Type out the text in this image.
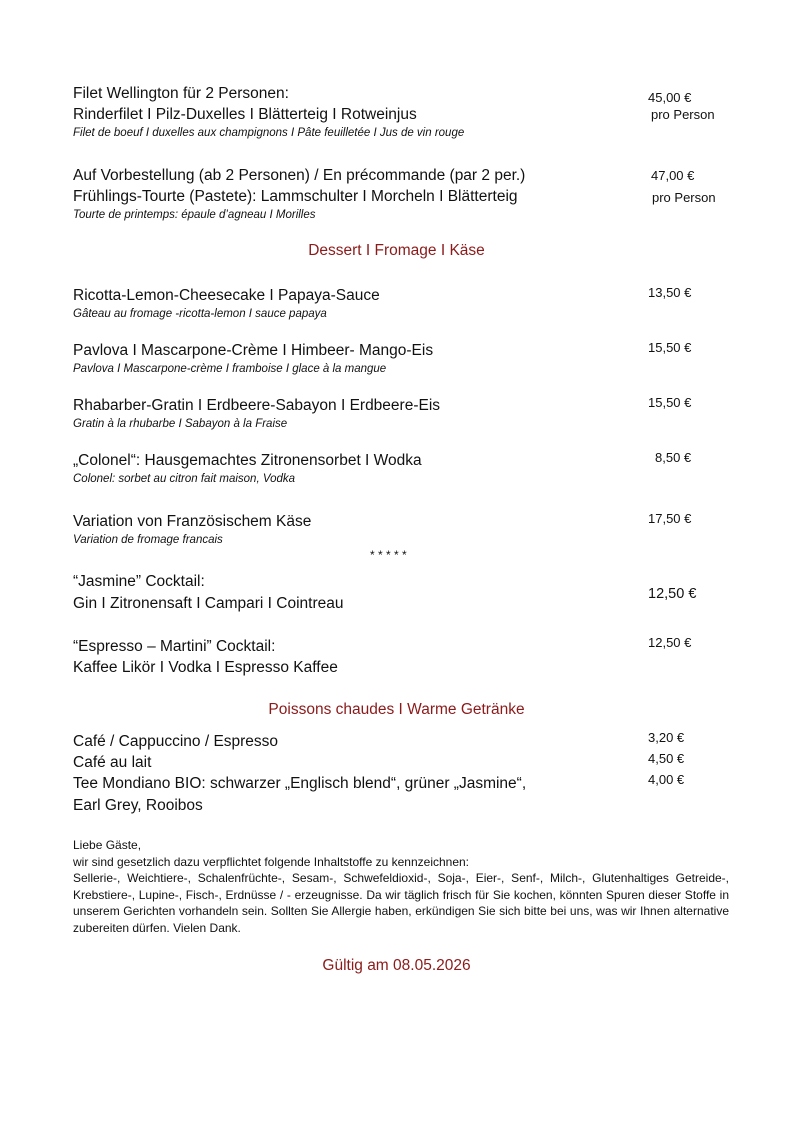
Filet Wellington für 2 Personen:
Rinderfilet I Pilz-Duxelles I Blätterteig I Rotweinjus
Filet de boeuf I duxelles aux champignons I Pâte feuilletée I Jus de vin rouge
45,00 €
pro Person
Auf Vorbestellung (ab 2 Personen) / En précommande (par 2 per.)
Frühlings-Tourte (Pastete): Lammschulter I Morcheln I Blätterteig
Tourte de printemps: épaule d’agneau I Morilles
47,00 €
pro Person
Dessert I Fromage I Käse
Ricotta-Lemon-Cheesecake I Papaya-Sauce
Gâteau au fromage -ricotta-lemon I sauce papaya
13,50 €
Pavlova I Mascarpone-Crème I Himbeer- Mango-Eis
Pavlova I Mascarpone-crème I framboise I glace à la mangue
15,50 €
Rhabarber-Gratin I Erdbeere-Sabayon I Erdbeere-Eis
Gratin à la rhubarbe I Sabayon à la Fraise
15,50 €
„Colonel“: Hausgemachtes Zitronensorbet I Wodka
Colonel: sorbet au citron fait maison, Vodka
8,50 €
Variation von Französischem Käse
Variation de fromage francais
17,50 €
* * * * *
“Jasmine” Cocktail:
Gin I Zitronensaft I Campari I Cointreau
12,50 €
“Espresso – Martini” Cocktail:
Kaffee Likör I Vodka I Espresso Kaffee
12,50 €
Poissons chaudes I Warme Getränke
Café / Cappuccino / Espresso	3,20 €
Café au lait	4,50 €
Tee Mondiano BIO: schwarzer „Englisch blend“, grüner „Jasmine“,	4,00 €
Earl Grey, Rooibos

Liebe Gäste,

wir sind gesetzlich dazu verpflichtet folgende Inhaltstoffe zu kennzeichnen:

Sellerie-, Weichtiere-, Schalenfrüchte-, Sesam-, Schwefeldioxid-, Soja-, Eier-, Senf-, Milch-, Glutenhaltiges Getreide-, Krebstiere-, Lupine-, Fisch-, Erdnüsse / - erzeugnisse. Da wir täglich frisch für Sie kochen, könnten Spuren dieser Stoffe in unserem Gerichten vorhandeln sein. Sollten Sie Allergie haben, erkündigen Sie sich bitte bei uns, was wir Ihnen alternative zubereiten dürfen. Vielen Dank.

Gültig am 08.05.2026
